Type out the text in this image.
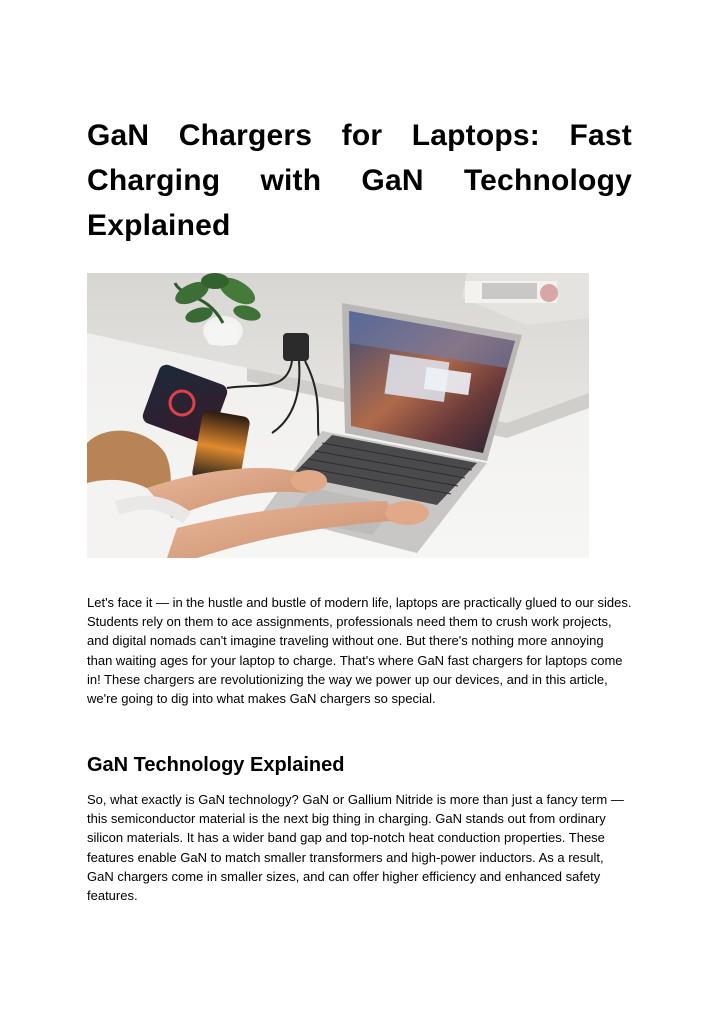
GaN Chargers for Laptops: Fast Charging with GaN Technology Explained

Let's face it — in the hustle and bustle of modern life, laptops are practically glued to our sides. Students rely on them to ace assignments, professionals need them to crush work projects, and digital nomads can't imagine traveling without one. But there's nothing more annoying than waiting ages for your laptop to charge. That's where GaN fast chargers for laptops come in! These chargers are revolutionizing the way we power up our devices, and in this article, we're going to dig into what makes GaN chargers so special.

GaN Technology Explained

So, what exactly is GaN technology? GaN or Gallium Nitride is more than just a fancy term — this semiconductor material is the next big thing in charging. GaN stands out from ordinary silicon materials. It has a wider band gap and top-notch heat conduction properties. These features enable GaN to match smaller transformers and high-power inductors. As a result, GaN chargers come in smaller sizes, and can offer higher efficiency and enhanced safety features.
